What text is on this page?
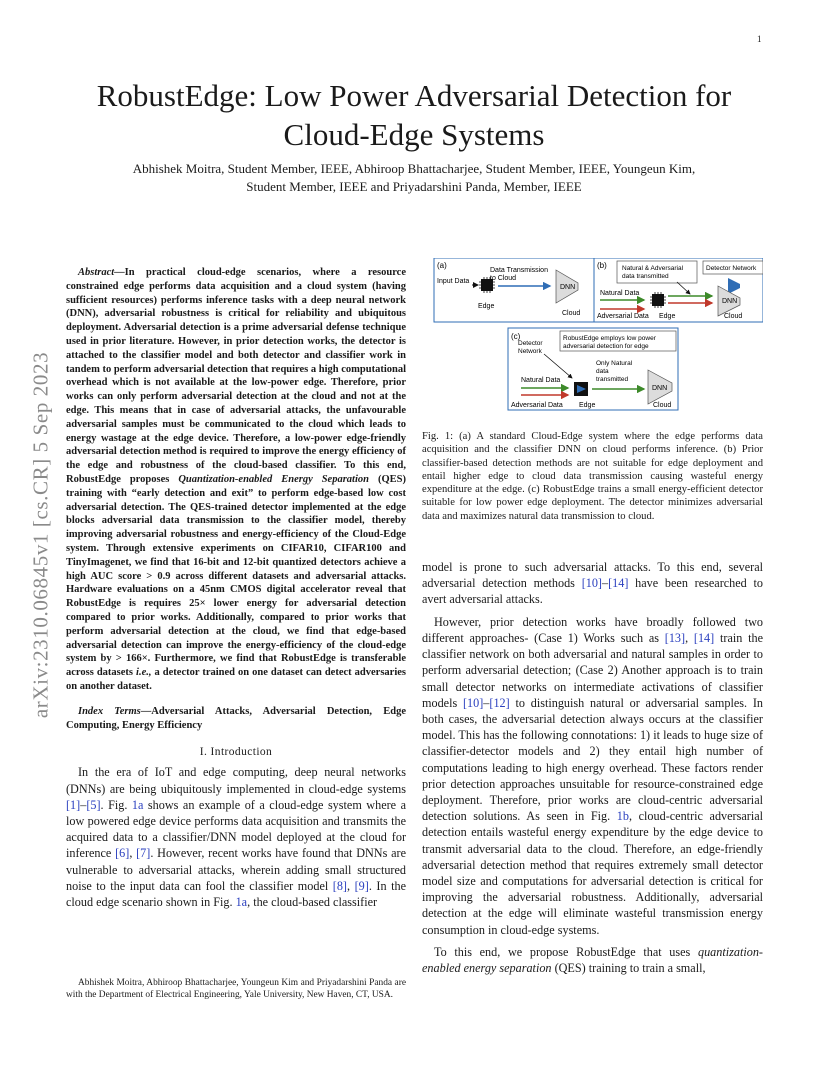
1
arXiv:2310.06845v1 [cs.CR] 5 Sep 2023
RobustEdge: Low Power Adversarial Detection for
Cloud-Edge Systems
Abhishek Moitra, Student Member, IEEE, Abhiroop Bhattacharjee, Student Member, IEEE, Youngeun Kim,
Student Member, IEEE and Priyadarshini Panda, Member, IEEE

Abstract—In practical cloud-edge scenarios, where a resource constrained edge performs data acquisition and a cloud system (having sufficient resources) performs inference tasks with a deep neural network (DNN), adversarial robustness is critical for reliability and ubiquitous deployment. Adversarial detection is a prime adversarial defense technique used in prior literature. However, in prior detection works, the detector is attached to the classifier model and both detector and classifier work in tandem to perform adversarial detection that requires a high computational overhead which is not available at the low-power edge. Therefore, prior works can only perform adversarial detection at the cloud and not at the edge. This means that in case of adversarial attacks, the unfavourable adversarial samples must be communicated to the cloud which leads to energy wastage at the edge device. Therefore, a low-power edge-friendly adversarial detection method is required to improve the energy efficiency of the edge and robustness of the cloud-based classifier. To this end, RobustEdge proposes Quantization-enabled Energy Separation (QES) training with “early detection and exit” to perform edge-based low cost adversarial detection. The QES-trained detector implemented at the edge blocks adversarial data transmission to the classifier model, thereby improving adversarial robustness and energy-efficiency of the Cloud-Edge system. Through extensive experiments on CIFAR10, CIFAR100 and TinyImagenet, we find that 16-bit and 12-bit quantized detectors achieve a high AUC score > 0.9 across different datasets and adversarial attacks. Hardware evaluations on a 45nm CMOS digital accelerator reveal that RobustEdge is requires 25× lower energy for adversarial detection compared to prior works. Additionally, compared to prior works that perform adversarial detection at the cloud, we find that edge-based adversarial detection can improve the energy-efficiency of the cloud-edge system by > 166×. Furthermore, we find that RobustEdge is transferable across datasets i.e., a detector trained on one dataset can detect adversaries on another dataset.

Index Terms—Adversarial Attacks, Adversarial Detection, Edge Computing, Energy Efficiency

I. Introduction

In the era of IoT and edge computing, deep neural networks (DNNs) are being ubiquitously implemented in cloud-edge systems [1]–[5]. Fig. 1a shows an example of a cloud-edge system where a low powered edge device performs data acquisition and transmits the acquired data to a classifier/DNN model deployed at the cloud for inference [6], [7]. However, recent works have found that DNNs are vulnerable to adversarial attacks, wherein adding small structured noise to the input data can fool the classifier model [8], [9]. In the cloud edge scenario shown in Fig. 1a, the cloud-based classifier

Abhishek Moitra, Abhiroop Bhattacharjee, Youngeun Kim and Priyadarshini Panda are with the Department of Electrical Engineering, Yale University, New Haven, CT, USA.

(a)
Input Data
Edge
Data Transmission to Cloud
DNN
Cloud
(b) Natural & Adversarial data transmitted
Detector Network
Natural Data
DNN
Adversarial Data Edge	Cloud
(c)
Detector Network
RobustEdge employs low power adversarial detection for edge
Only Natural data transmitted
Natural Data
DNN
Adversarial Data Edge	Cloud

Fig. 1: (a) A standard Cloud-Edge system where the edge performs data acquisition and the classifier DNN on cloud performs inference. (b) Prior classifier-based detection methods are not suitable for edge deployment and entail higher edge to cloud data transmission causing wasteful energy expenditure at the edge. (c) RobustEdge trains a small energy-efficient detector suitable for low power edge deployment. The detector minimizes adversarial data and maximizes natural data transmission to cloud.

model is prone to such adversarial attacks. To this end, several adversarial detection methods [10]–[14] have been researched to avert adversarial attacks.

However, prior detection works have broadly followed two different approaches- (Case 1) Works such as [13], [14] train the classifier network on both adversarial and natural samples in order to perform adversarial detection; (Case 2) Another approach is to train small detector networks on intermediate activations of classifier models [10]–[12] to distinguish natural or adversarial samples. In both cases, the adversarial detection always occurs at the classifier model. This has the following connotations: 1) it leads to huge size of classifier-detector models and 2) they entail high number of computations leading to high energy overhead. These factors render prior detection approaches unsuitable for resource-constrained edge deployment. Therefore, prior works are cloud-centric adversarial detection solutions. As seen in Fig. 1b, cloud-centric adversarial detection entails wasteful energy expenditure by the edge device to transmit adversarial data to the cloud. Therefore, an edge-friendly adversarial detection method that requires extremely small detector model size and computations for adversarial detection is critical for improving the adversarial robustness. Additionally, adversarial detection at the edge will eliminate wasteful transmission energy consumption in cloud-edge systems.

To this end, we propose RobustEdge that uses quantization-enabled energy separation (QES) training to train a small,
